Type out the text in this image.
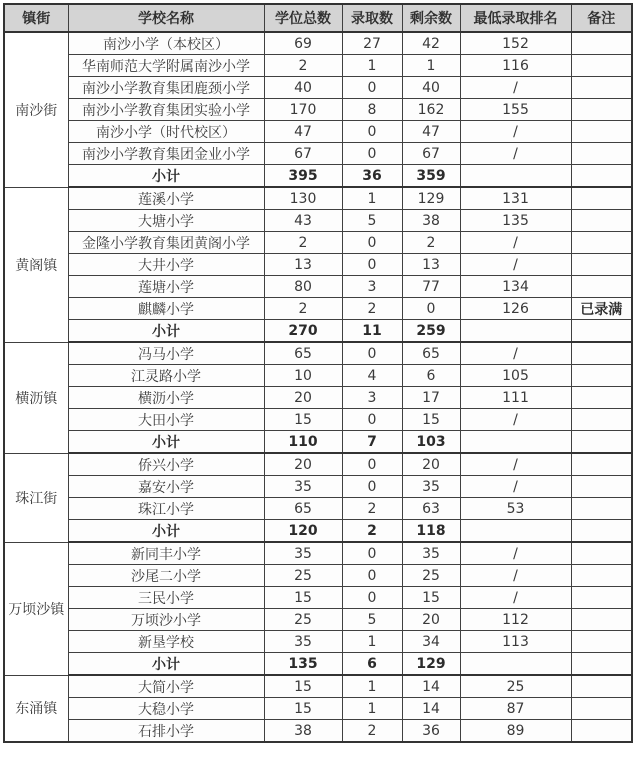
镇街	学校名称	学位总数	录取数	剩余数	最低录取排名	备注
南沙街	南沙小学（本校区）	69	27	42	152	
	华南师范大学附属南沙小学	2	1	1	116	
	南沙小学教育集团鹿颈小学	40	0	40	/	
	南沙小学教育集团实验小学	170	8	162	155	
	南沙小学（时代校区）	47	0	47	/	
	南沙小学教育集团金业小学	67	0	67	/	
	小计	395	36	359		
黄阁镇	莲溪小学	130	1	129	131	
	大塘小学	43	5	38	135	
	金隆小学教育集团黄阁小学	2	0	2	/	
	大井小学	13	0	13	/	
	莲塘小学	80	3	77	134	
	麒麟小学	2	2	0	126	已录满
	小计	270	11	259		
横沥镇	冯马小学	65	0	65	/	
	江灵路小学	10	4	6	105	
	横沥小学	20	3	17	111	
	大田小学	15	0	15	/	
	小计	110	7	103		
珠江街	侨兴小学	20	0	20	/	
	嘉安小学	35	0	35	/	
	珠江小学	65	2	63	53	
	小计	120	2	118		
万顷沙镇	新同丰小学	35	0	35	/	
	沙尾二小学	25	0	25	/	
	三民小学	15	0	15	/	
	万顷沙小学	25	5	20	112	
	新垦学校	35	1	34	113	
	小计	135	6	129		
东涌镇	大简小学	15	1	14	25	
	大稳小学	15	1	14	87	
	石排小学	38	2	36	89	
